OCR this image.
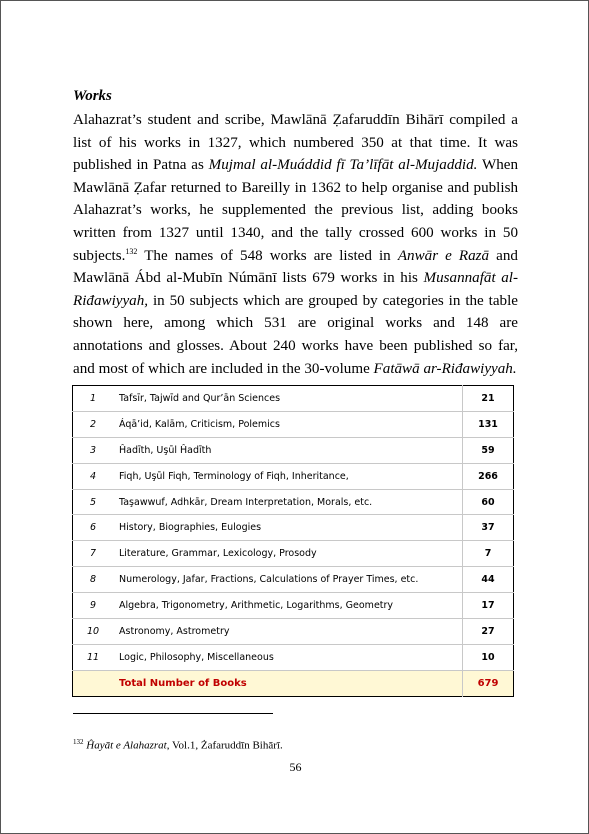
Works

Alahazrat’s student and scribe, Mawlānā Ẓafaruddīn Bihārī compiled a list of his works in 1327, which numbered 350 at that time. It was published in Patna as Mujmal al-Muáddid fī Ta’līfāt al-Mujaddid. When Mawlānā Ẓafar returned to Bareilly in 1362 to help organise and publish Alahazrat’s works, he supplemented the previous list, adding books written from 1327 until 1340, and the tally crossed 600 works in 50 subjects.$^{132}$ The names of 548 works are listed in Anwār e Razā and Mawlānā Ábd al-Mubīn Númānī lists 679 works in his Musannafāt al-Riđawiyyah, in 50 subjects which are grouped by categories in the table shown here, among which 531 are original works and 148 are annotations and glosses. About 240 works have been published so far, and most of which are included in the 30-volume Fatāwā ar-Riđawiyyah.

1	Tafsīr, Tajwīd and Qur’ān Sciences	21
2	Áqā’id, Kalām, Criticism, Polemics	131
3	Ĥadīth, Uşūl Ĥadīth	59
4	Fiqh, Uşūl Fiqh, Terminology of Fiqh, Inheritance,	266
5	Taşawwuf, Adhkār, Dream Interpretation, Morals, etc.	60
6	History, Biographies, Eulogies	37
7	Literature, Grammar, Lexicology, Prosody	7
8	Numerology, Jafar, Fractions, Calculations of Prayer Times, etc.	44
9	Algebra, Trigonometry, Arithmetic, Logarithms, Geometry	17
10	Astronomy, Astrometry	27
11	Logic, Philosophy, Miscellaneous	10
	Total Number of Books	679
$^{132}$ Ĥayāt e Alahazrat, Vol.1, Żafaruddīn Bihārī.
56
